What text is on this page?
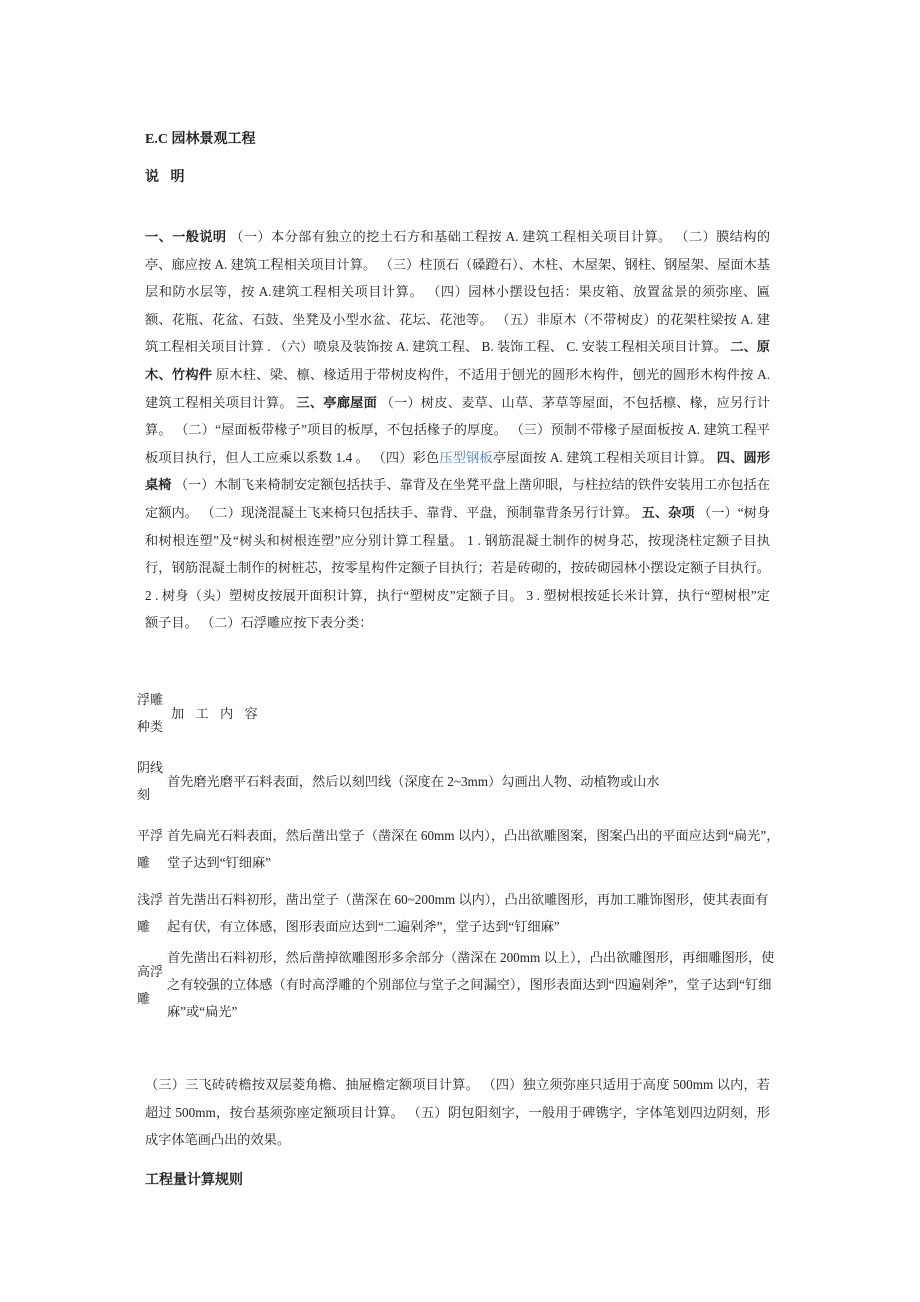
E.C 园林景观工程
说 明
一、一般说明 （一）本分部有独立的挖土石方和基础工程按 A. 建筑工程相关项目计算。 （二）膜结构的亭、廊应按 A. 建筑工程相关项目计算。 （三）柱顶石（磉蹬石）、木柱、木屋架、钢柱、钢屋架、屋面木基层和防水层等，按 A.建筑工程相关项目计算。 （四）园林小摆设包括：果皮箱、放置盆景的须弥座、匾额、花瓶、花盆、石鼓、坐凳及小型水盆、花坛、花池等。 （五）非原木（不带树皮）的花架柱梁按 A. 建筑工程相关项目计算 . （六）喷泉及装饰按 A. 建筑工程、 B. 装饰工程、 C. 安装工程相关项目计算。 二、原木、竹构件 原木柱、梁、檩、椽适用于带树皮构件，不适用于刨光的圆形木构件，刨光的圆形木构件按 A. 建筑工程相关项目计算。 三、亭廊屋面 （一）树皮、麦草、山草、茅草等屋面，不包括檩、椽，应另行计算。 （二）“屋面板带椽子”项目的板厚，不包括椽子的厚度。 （三）预制不带椽子屋面板按 A. 建筑工程平板项目执行，但人工应乘以系数 1.4 。 （四）彩色压型钢板亭屋面按 A. 建筑工程相关项目计算。 四、圆形桌椅 （一）木制飞来椅制安定额包括扶手、靠背及在坐凳平盘上凿卯眼，与柱拉结的铁件安装用工亦包括在定额内。 （二）现浇混凝土飞来椅只包括扶手、靠背、平盘，预制靠背条另行计算。 五、杂项 （一）“树身和树根连塑”及“树头和树根连塑”应分别计算工程量。 1 . 钢筋混凝土制作的树身芯，按现浇柱定额子目执行，钢筋混凝土制作的树桩芯，按零星构件定额子目执行；若是砖砌的，按砖砌园林小摆设定额子目执行。 2 . 树身（头）塑树皮按展开面积计算，执行“塑树皮”定额子目。 3 . 塑树根按延长米计算，执行“塑树根”定额子目。 （二）石浮雕应按下表分类：
浮雕种类	加 工 内 容
阴线刻	首先磨光磨平石料表面，然后以刻凹线（深度在 2~3mm）勾画出人物、动植物或山水
平浮雕	首先扁光石料表面，然后凿出堂子（凿深在 60mm 以内），凸出欲雕图案，图案凸出的平面应达到“扁光”，堂子达到“钉细麻”
浅浮雕	首先凿出石料初形，凿出堂子（凿深在 60~200mm 以内），凸出欲雕图形，再加工雕饰图形，使其表面有起有伏，有立体感，图形表面应达到“二遍剁斧”，堂子达到“钉细麻”
高浮雕	首先凿出石料初形，然后凿掉欲雕图形多余部分（凿深在 200mm 以上），凸出欲雕图形，再细雕图形，使之有较强的立体感（有时高浮雕的个别部位与堂子之间漏空），图形表面达到“四遍剁斧”，堂子达到“钉细麻”或“扁光”
（三）三飞砖砖檐按双层菱角檐、抽屉檐定额项目计算。 （四）独立须弥座只适用于高度 500mm 以内，若超过 500mm，按台基须弥座定额项目计算。 （五）阴包阳刻字，一般用于碑镌字，字体笔划四边阴刻，形成字体笔画凸出的效果。
工程量计算规则
